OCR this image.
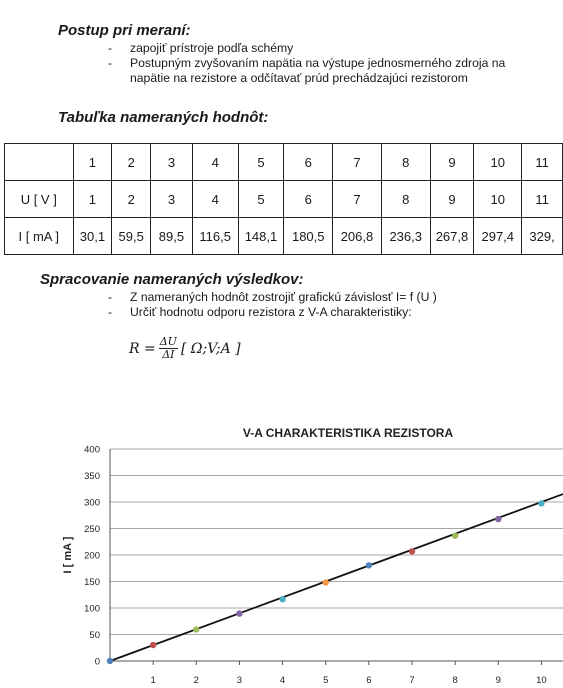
Postup pri meraní:
- zapojiť prístroje podľa schémy
- Postupným zvyšovaním napätia na výstupe jednosmerného zdroja na
napätie na rezistore a odčítavať prúd prechádzajúci rezistorom
Tabuľka nameraných hodnôt:
	1	2	3	4	5	6	7	8	9	10	11
U [ V ]	1	2	3	4	5	6	7	8	9	10	11
I [ mA ]	30,1	59,5	89,5	116,5	148,1	180,5	206,8	236,3	267,8	297,4	329,
Spracovanie nameraných výsledkov:
- Z nameraných hodnôt zostrojiť grafickú závislosť I= f (U )
- Určiť hodnotu odporu rezistora z V-A charakteristiky:
$R = \frac{\Delta U}{\Delta I}$ [ Ω;V;A ]
V-A CHARAKTERISTIKA REZISTORA
0
50
100
150
200
250
300
350
400
1	2	3	4	5	6	7	8	9	10
I [ mA ]
